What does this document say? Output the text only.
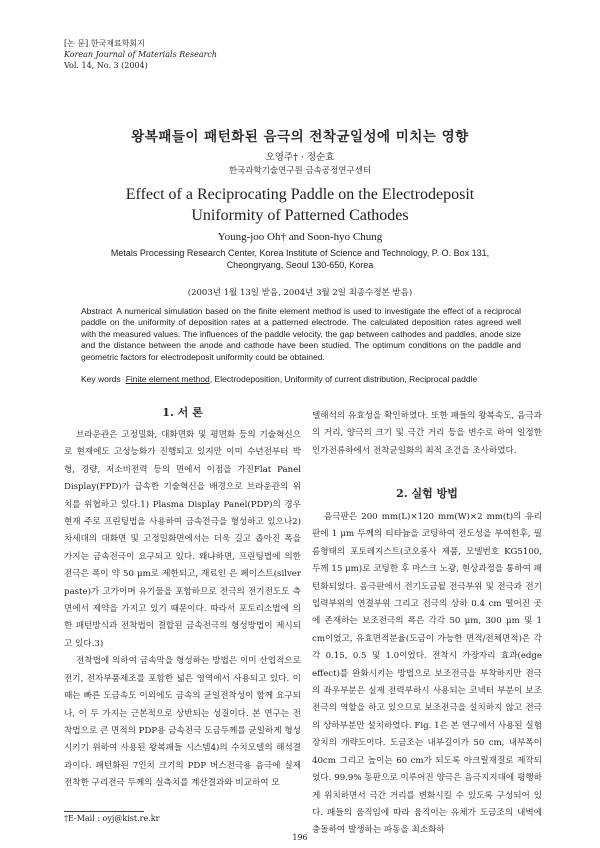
[논 문] 한국재료학회지
Korean Journal of Materials Research
Vol. 14, No. 3 (2004)
왕복패들이 패턴화된 음극의 전착균일성에 미치는 영향
오영주† · 정순효
한국과학기술연구원 금속공정연구센터
Effect of a Reciprocating Paddle on the Electrodeposit
Uniformity of Patterned Cathodes
Young-joo Oh† and Soon-hyo Chung
Metals Processing Research Center, Korea Institute of Science and Technology, P. O. Box 131,
Cheongryang, Seoul 130-650, Korea
(2003년 1월 13일 받음, 2004년 3월 2일 최종수정본 받음)
Abstract A numerical simulation based on the finite element method is used to investigate the effect of a reciprocal paddle on the uniformity of deposition rates at a patterned electrode. The calculated deposition rates agreed well with the measured values. The influences of the paddle velocity, the gap between cathodes and paddles, anode size and the distance between the anode and cathode have been studied. The optimum conditions on the paddle and geometric factors for electrodeposit uniformity could be obtained.
Key words Finite element method, Electrodeposition, Uniformity of current distribution, Reciprocal paddle
1. 서 론

브라운관은 고정밀화, 대화면화 및 평면화 등의 기술혁신으로 현재에도 고성능화가 진행되고 있지만 이미 수년전부터 박형, 경량, 저소비전력 등의 면에서 이점을 가진Flat Panel Display(FPD)가 급속한 기술혁신을 배경으로 브라운관의 위치를 위협하고 있다.1) Plasma Display Panel(PDP)의 경우 현재 주로 프린팅법을 사용하여 금속전극을 형성하고 있으나2) 차세대의 대화면 및 고정밀화면에서는 더욱 길고 좁아진 폭을 가지는 금속전극이 요구되고 있다. 왜냐하면, 프린팅법에 의한 전극은 폭이 약 50 μm로 제한되고, 재료인 은 페이스트(silver paste)가 고가이며 유기물을 포함하므로 전극의 전기전도도 측면에서 제약을 가지고 있기 때문이다. 따라서 포토리소법에 의한 패턴방식과 전착법이 결합된 금속전극의 형성방법이 제시되고 있다.3)

전착법에 의하여 금속막을 형성하는 방법은 이미 산업적으로 전기, 전자부품제조를 포함한 넓은 영역에서 사용되고 있다. 이때는 빠른 도금속도 이외에도 금속의 균일전착성이 함께 요구되나, 이 두 가지는 근본적으로 상반되는 성질이다. 본 연구는 전착법으로 큰 면적의 PDP용 금속전극 도금두께를 균일하게 형성시키기 위하여 사용된 왕복패들 시스템4)의 수치모델의 해석결과이다. 패턴화된 7인치 크기의 PDP 버스전극용 음극에 실제 전착한 구리전극 두께의 실측치를 계산결과와 비교하여 모

델해석의 유효성을 확인하였다. 또한 패들의 왕복속도, 음극과의 거리, 양극의 크기 및 극간 거리 등을 변수로 하여 일정한 인가전류하에서 전착균일화의 최적 조건을 조사하였다.

2. 실험 방법

음극판은 200 mm(L)×120 mm(W)×2 mm(t)의 유리판에 1 μm 두께의 티타늄을 코팅하여 전도성을 부여한후, 필름형태의 포토레지스트(코오롱사 제품, 모델번호 KG5100, 두께 15 μm)로 코팅한 후 마스크 노광, 현상과정을 통하여 패턴화되었다. 음극판에서 전기도금될 전극부위 및 전극과 전기입력부위의 연결부위 그리고 전극의 상하 0.4 cm 떨어진 곳에 존재하는 보조전극의 폭은 각각 50 μm, 300 μm 및 1 cm이었고, 유효면적분율(도금이 가능한 면적/전체면적)은 각각 0.15, 0.5 및 1.0이었다. 전착시 가장자리 효과(edge effect)를 완화시키는 방법으로 보조전극을 부착하지만 전극의 좌우부분은 실제 전력부하시 사용되는 코넥터 부분이 보조전극의 역할을 하고 있으므로 보조전극을 설치하지 않고 전극의 상하부분만 설치하였다. Fig. 1은 본 연구에서 사용된 실험장치의 개략도이다. 도금조는 내부길이가 50 cm, 내부폭이 40cm 그리고 높이는 60 cm가 되도록 아크릴재질로 제작되었다. 99.9% 동판으로 이루어진 양극은 음극지지대에 평행하게 위치하면서 극간 거리를 변화시킬 수 있도록 구성되어 있다. 패들의 움직임에 따라 움직이는 유체가 도금조의 내벽에 충돌하여 발생하는 파동을 최소화하

†E-Mail : oyj@kist.re.kr
196
